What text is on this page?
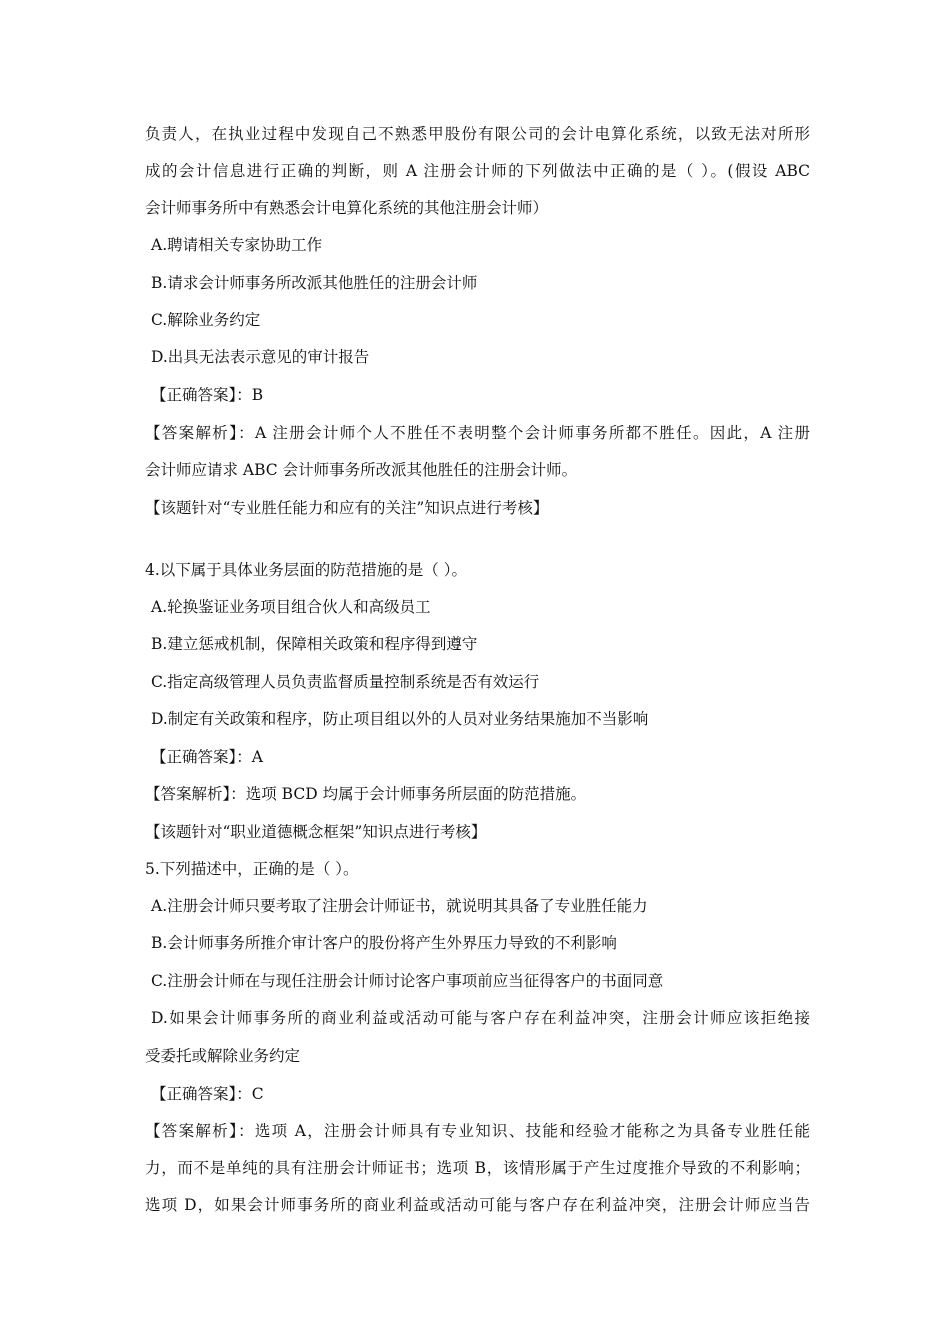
负责人，在执业过程中发现自己不熟悉甲股份有限公司的会计电算化系统，以致无法对所形
成的会计信息进行正确的判断，则 A 注册会计师的下列做法中正确的是（ ）。(假设 ABC
会计师事务所中有熟悉会计电算化系统的其他注册会计师）
A.聘请相关专家协助工作
B.请求会计师事务所改派其他胜任的注册会计师
C.解除业务约定
D.出具无法表示意见的审计报告
【正确答案】：B
【答案解析】：A 注册会计师个人不胜任不表明整个会计师事务所都不胜任。因此，A 注册
会计师应请求 ABC 会计师事务所改派其他胜任的注册会计师。
【该题针对“专业胜任能力和应有的关注”知识点进行考核】
4.以下属于具体业务层面的防范措施的是（ ）。
A.轮换鉴证业务项目组合伙人和高级员工
B.建立惩戒机制，保障相关政策和程序得到遵守
C.指定高级管理人员负责监督质量控制系统是否有效运行
D.制定有关政策和程序，防止项目组以外的人员对业务结果施加不当影响
【正确答案】：A
【答案解析】：选项 BCD 均属于会计师事务所层面的防范措施。
【该题针对“职业道德概念框架”知识点进行考核】
5.下列描述中，正确的是（ ）。
A.注册会计师只要考取了注册会计师证书，就说明其具备了专业胜任能力
B.会计师事务所推介审计客户的股份将产生外界压力导致的不利影响
C.注册会计师在与现任注册会计师讨论客户事项前应当征得客户的书面同意
D.如果会计师事务所的商业利益或活动可能与客户存在利益冲突，注册会计师应该拒绝接
受委托或解除业务约定
【正确答案】：C
【答案解析】：选项 A，注册会计师具有专业知识、技能和经验才能称之为具备专业胜任能
力，而不是单纯的具有注册会计师证书；选项 B，该情形属于产生过度推介导致的不利影响；
选项 D，如果会计师事务所的商业利益或活动可能与客户存在利益冲突，注册会计师应当告
